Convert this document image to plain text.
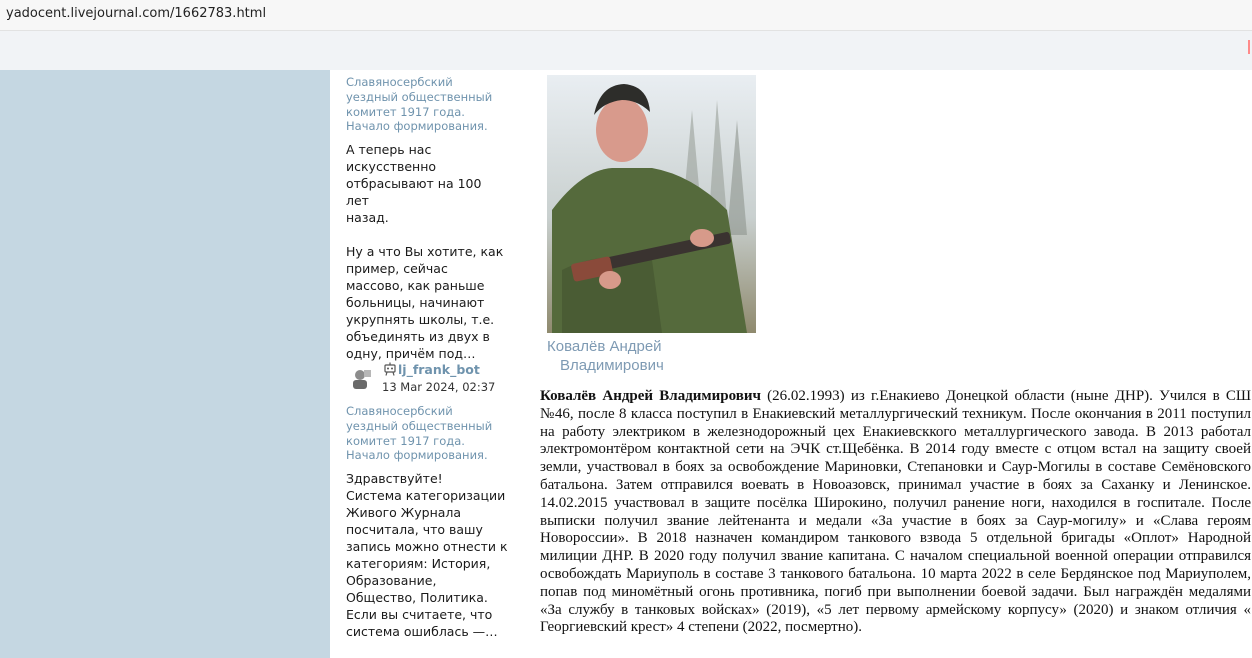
yadocent.livejournal.com/1662783.html
Славяносербский уездный общественный комитет 1917 года. Начало формирования.
А теперь нас
искусственно
отбрасывают на 100 лет
назад.
Ну а что Вы хотите, как
пример, сейчас
массово, как раньше
больницы, начинают
укрупнять школы, т.е.
объединять из двух в
одну, причём под…
lj_frank_bot
13 Mar 2024, 02:37
Славяносербский уездный общественный комитет 1917 года. Начало формирования.
Здравствуйте!
Система категоризации
Живого Журнала
посчитала, что вашу
запись можно отнести к
категориям: История,
Образование,
Общество, Политика.
Если вы считаете, что
система ошиблась —…
Ковалёв Андрей
Владимирович
Ковалёв Андрей Владимирович (26.02.1993) из г.Енакиево Донецкой области (ныне ДНР). Учился в СШ №46, после 8 класса поступил в Енакиевский металлургический техникум. После окончания в 2011 поступил на работу электриком в железнодорожный цех Енакиевсккого металлургического завода. В 2013 работал электромонтёром контактной сети на ЭЧК ст.Щебёнка. В 2014 году вместе с отцом встал на защиту своей земли, участвовал в боях за освобождение Мариновки, Степановки и Саур-Могилы в составе Семёновского батальона. Затем отправился воевать в Новоазовск, принимал участие в боях за Саханку и Ленинское. 14.02.2015 участвовал в защите посёлка Широкино, получил ранение ноги, находился в госпитале. После выписки получил звание лейтенанта и медали «За участие в боях за Саур-могилу» и «Слава героям Новороссии». В 2018 назначен командиром танкового взвода 5 отдельной бригады «Оплот» Народной милиции ДНР. В 2020 году получил звание капитана. С началом специальной военной операции отправился освобождать Мариуполь в составе 3 танкового батальона. 10 марта 2022 в селе Бердянское под Мариуполем, попав под миномётный огонь противника, погиб при выполнении боевой задачи. Был награждён медалями «За службу в танковых войсках» (2019), «5 лет первому армейскому корпусу» (2020) и знаком отличия « Георгиевский крест» 4 степени (2022, посмертно).
